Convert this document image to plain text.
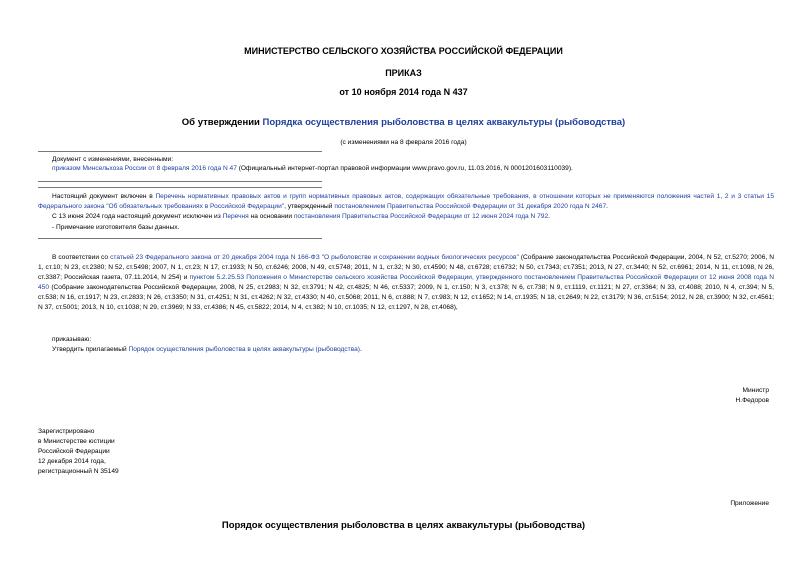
МИНИСТЕРСТВО СЕЛЬСКОГО ХОЗЯЙСТВА РОССИЙСКОЙ ФЕДЕРАЦИИ
ПРИКАЗ
от 10 ноября 2014 года N 437
Об утверждении Порядка осуществления рыболовства в целях аквакультуры (рыбоводства)
(с изменениями на 8 февраля 2016 года)
Документ с изменениями, внесенными:
приказом Минсельхоза России от 8 февраля 2016 года N 47 (Официальный интернет-портал правовой информации www.pravo.gov.ru, 11.03.2016, N 0001201603110039).
Настоящий документ включен в Перечень нормативных правовых актов и групп нормативных правовых актов, содержащих обязательные требования, в отношении которых не применяются положения частей 1, 2 и 3 статьи 15 Федерального закона "Об обязательных требованиях в Российской Федерации", утвержденный постановлением Правительства Российской Федерации от 31 декабря 2020 года N 2467.
С 13 июня 2024 года настоящий документ исключен из Перечня на основании постановления Правительства Российской Федерации от 12 июня 2024 года N 792.
- Примечание изготовителя базы данных.
В соответствии со статьей 23 Федерального закона от 20 декабря 2004 года N 166-ФЗ "О рыболовстве и сохранении водных биологических ресурсов" (Собрание законодательства Российской Федерации, 2004, N 52, ст.5270; 2006, N 1, ст.10; N 23, ст.2380; N 52, ст.5498; 2007, N 1, ст.23; N 17, ст.1933; N 50, ст.6246; 2008, N 49, ст.5748; 2011, N 1, ст.32; N 30, ст.4590; N 48, ст.6728; ст.6732; N 50, ст.7343; ст.7351; 2013, N 27, ст.3440; N 52, ст.6961; 2014, N 11, ст.1098, N 26, ст.3387; Российская газета, 07.11.2014, N 254) и пунктом 5.2.25.53 Положения о Министерстве сельского хозяйства Российской Федерации, утвержденного постановлением Правительства Российской Федерации от 12 июня 2008 года N 450 (Собрание законодательства Российской Федерации, 2008, N 25, ст.2983; N 32, ст.3791; N 42, ст.4825; N 46, ст.5337; 2009, N 1, ст.150; N 3, ст.378; N 6, ст.738; N 9, ст.1119, ст.1121; N 27, ст.3364; N 33, ст.4088; 2010, N 4, ст.394; N 5, ст.538; N 16, ст.1917; N 23, ст.2833; N 26, ст.3350; N 31, ст.4251; N 31, ст.4262; N 32, ст.4330; N 40, ст.5068; 2011, N 6, ст.888; N 7, ст.983; N 12, ст.1652; N 14, ст.1935; N 18, ст.2649; N 22, ст.3179; N 36, ст.5154; 2012, N 28, ст.3900; N 32, ст.4561; N 37, ст.5001; 2013, N 10, ст.1038; N 29, ст.3969; N 33, ст.4386; N 45, ст.5822; 2014, N 4, ст.382; N 10, ст.1035; N 12, ст.1297, N 28, ст.4068),
приказываю:
Утвердить прилагаемый Порядок осуществления рыболовства в целях аквакультуры (рыбоводства).
Министр
Н.Федоров
Зарегистрировано
в Министерстве юстиции
Российской Федерации
12 декабря 2014 года,
регистрационный N 35149
Приложение
Порядок осуществления рыболовства в целях аквакультуры (рыбоводства)
